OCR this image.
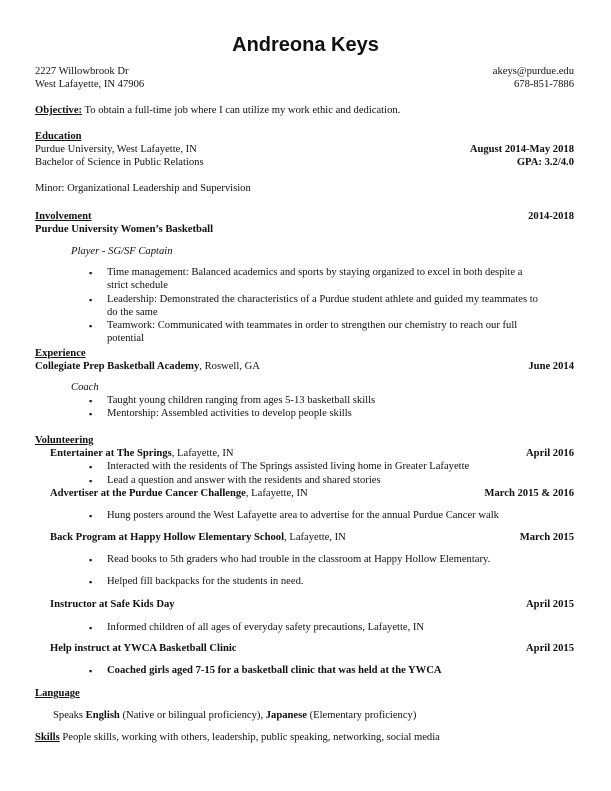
Andreona Keys
2227 Willowbrook Dr
West Lafayette, IN 47906
akeys@purdue.edu
678-851-7886
Objective: To obtain a full-time job where I can utilize my work ethic and dedication.
Education
Purdue University, West Lafayette, IN	August 2014-May 2018
Bachelor of Science in Public Relations	GPA: 3.2/4.0
Minor: Organizational Leadership and Supervision
Involvement	2014-2018
Purdue University Women’s Basketball
Player - SG/SF Captain
▪ Time management: Balanced academics and sports by staying organized to excel in both despite a
strict schedule
▪ Leadership: Demonstrated the characteristics of a Purdue student athlete and guided my teammates to
do the same
▪ Teamwork: Communicated with teammates in order to strengthen our chemistry to reach our full
potential
Experience
Collegiate Prep Basketball Academy, Roswell, GA	June 2014
Coach
▪ Taught young children ranging from ages 5-13 basketball skills
▪ Mentorship: Assembled activities to develop people skills
Volunteering
Entertainer at The Springs, Lafayette, IN	April 2016
▪ Interacted with the residents of The Springs assisted living home in Greater Lafayette
▪ Lead a question and answer with the residents and shared stories
Advertiser at the Purdue Cancer Challenge, Lafayette, IN	March 2015 & 2016
▪ Hung posters around the West Lafayette area to advertise for the annual Purdue Cancer walk
Back Program at Happy Hollow Elementary School, Lafayette, IN	March 2015
▪ Read books to 5th graders who had trouble in the classroom at Happy Hollow Elementary.
▪ Helped fill backpacks for the students in need.
Instructor at Safe Kids Day	April 2015
▪ Informed children of all ages of everyday safety precautions, Lafayette, IN
Help instruct at YWCA Basketball Clinic	April 2015
▪ Coached girls aged 7-15 for a basketball clinic that was held at the YWCA
Language
Speaks English (Native or bilingual proficiency), Japanese (Elementary proficiency)
Skills People skills, working with others, leadership, public speaking, networking, social media
